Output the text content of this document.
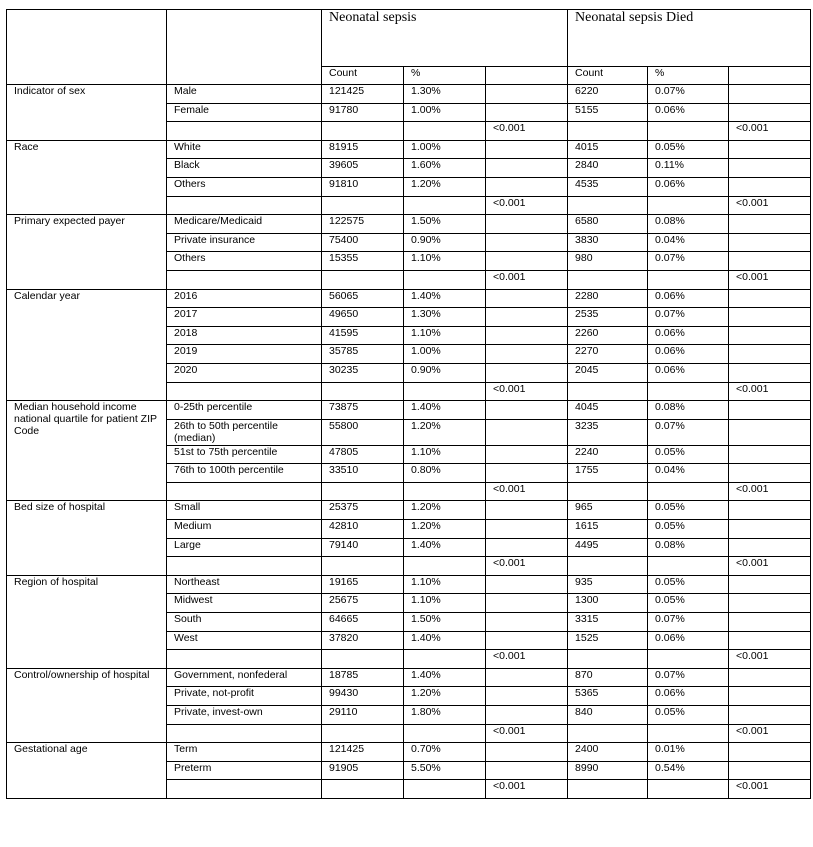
		Neonatal sepsis			Neonatal sepsis Died		
		Count	%		Count	%	
Indicator of sex	Male	121425	1.30%		6220	0.07%	
	Female	91780	1.00%		5155	0.06%	
				<0.001			<0.001
Race	White	81915	1.00%		4015	0.05%	
	Black	39605	1.60%		2840	0.11%	
	Others	91810	1.20%		4535	0.06%	
				<0.001			<0.001
Primary expected payer	Medicare/Medicaid	122575	1.50%		6580	0.08%	
	Private insurance	75400	0.90%		3830	0.04%	
	Others	15355	1.10%		980	0.07%	
				<0.001			<0.001
Calendar year	2016	56065	1.40%		2280	0.06%	
	2017	49650	1.30%		2535	0.07%	
	2018	41595	1.10%		2260	0.06%	
	2019	35785	1.00%		2270	0.06%	
	2020	30235	0.90%		2045	0.06%	
				<0.001			<0.001
Median household income national quartile for patient ZIP Code	0-25th percentile	73875	1.40%		4045	0.08%	
	26th to 50th percentile (median)	55800	1.20%		3235	0.07%	
	51st to 75th percentile	47805	1.10%		2240	0.05%	
	76th to 100th percentile	33510	0.80%		1755	0.04%	
				<0.001			<0.001
Bed size of hospital	Small	25375	1.20%		965	0.05%	
	Medium	42810	1.20%		1615	0.05%	
	Large	79140	1.40%		4495	0.08%	
				<0.001			<0.001
Region of hospital	Northeast	19165	1.10%		935	0.05%	
	Midwest	25675	1.10%		1300	0.05%	
	South	64665	1.50%		3315	0.07%	
	West	37820	1.40%		1525	0.06%	
				<0.001			<0.001
Control/ownership of hospital	Government, nonfederal	18785	1.40%		870	0.07%	
	Private, not-profit	99430	1.20%		5365	0.06%	
	Private, invest-own	29110	1.80%		840	0.05%	
				<0.001			<0.001
Gestational age	Term	121425	0.70%		2400	0.01%	
	Preterm	91905	5.50%		8990	0.54%	
				<0.001			<0.001
